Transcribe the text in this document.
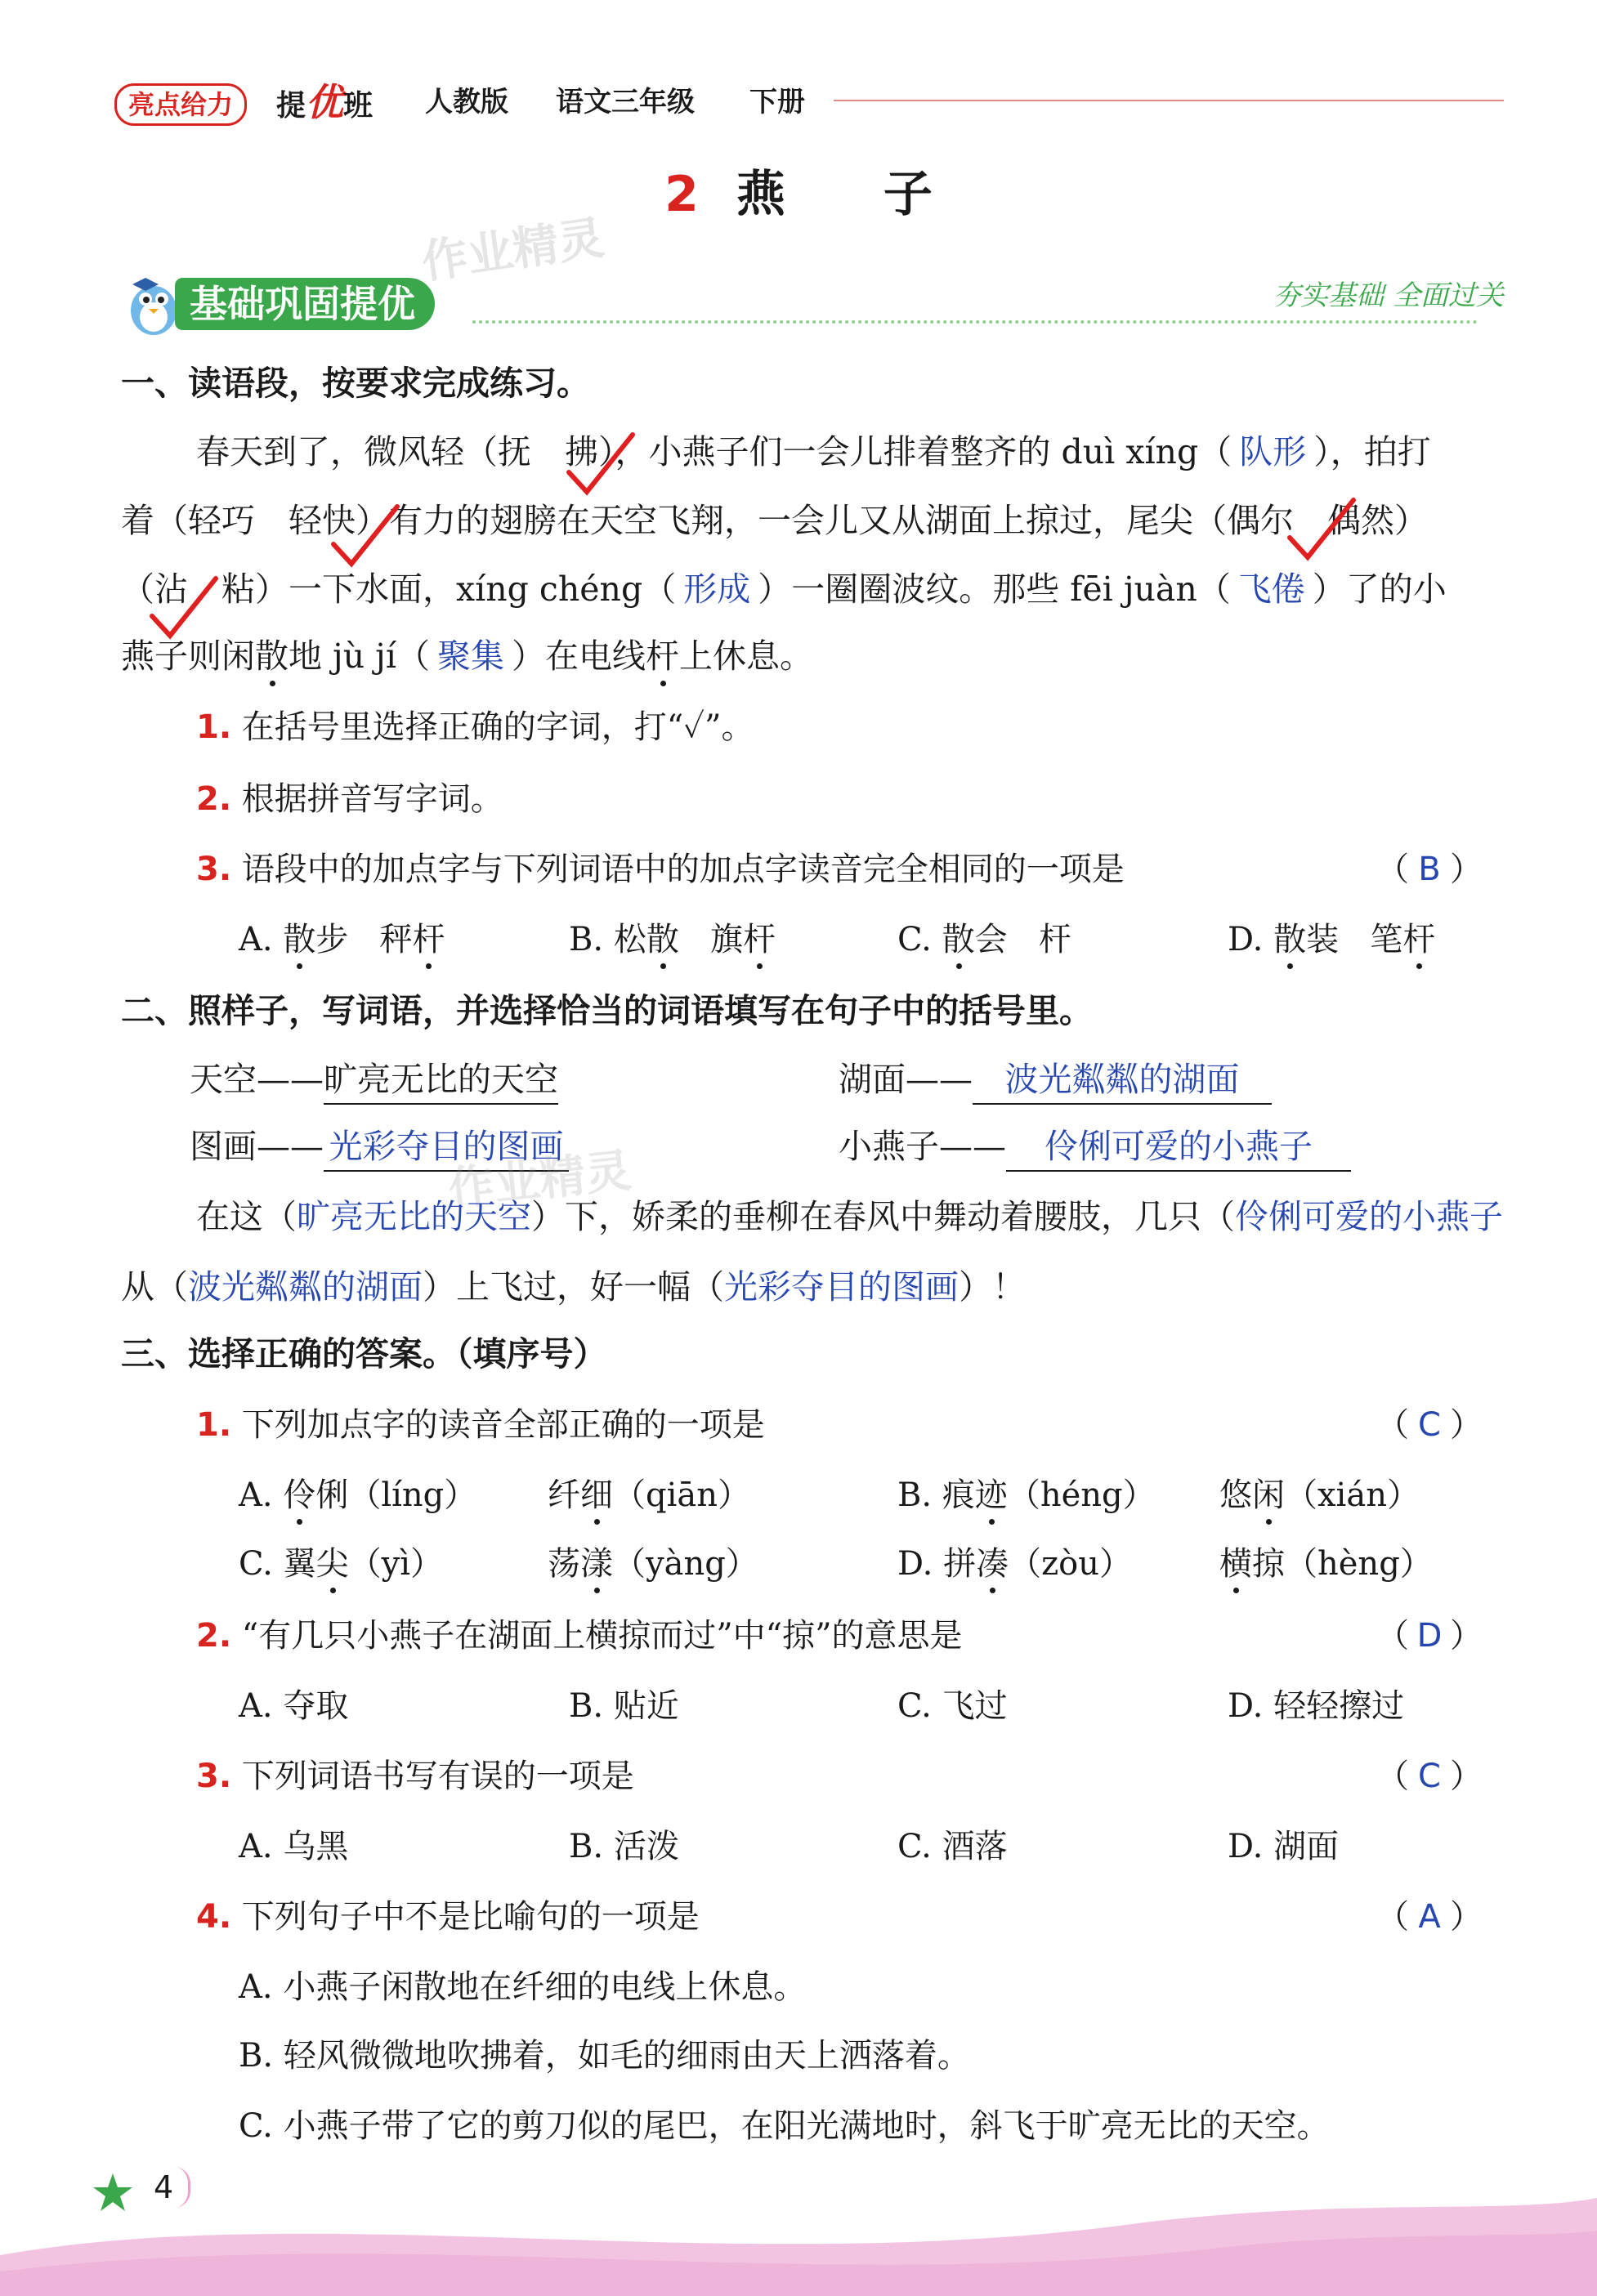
亮点给力	提优班 人教版 语文三年级 下册
2 燕　　子
作业精灵
基础巩固提优	夯实基础 全面过关
一、读语段，按要求完成练习。
春天到了，微风轻（抚　拂），小燕子们一会儿排着整齐的 duì xíng（ 队形 ），拍打
着（轻巧　轻快）有力的翅膀在天空飞翔，一会儿又从湖面上掠过，尾尖（偶尔　偶然）
（沾　粘）一下水面，xíng chéng（ 形成 ）一圈圈波纹。那些 fēi juàn（ 飞倦 ）了的小
燕子则闲散地 jù jí（ 聚集 ）在电线杆上休息。
1. 在括号里选择正确的字词，打“✓”。
2. 根据拼音写字词。
3. 语段中的加点字与下列词语中的加点字读音完全相同的一项是	（ B ）
A. 散步 秤杆	B. 松散 旗杆	C. 散会 杆	D. 散装 笔杆
二、照样子，写词语，并选择恰当的词语填写在句子中的括号里。
天空——旷亮无比的天空	湖面—— 波光粼粼的湖面
图画—— 光彩夺目的图画	小燕子—— 伶俐可爱的小燕子
作业精灵
在这（旷亮无比的天空）下，娇柔的垂柳在春风中舞动着腰肢，几只（伶俐可爱的小燕子
从（波光粼粼的湖面）上飞过，好一幅（光彩夺目的图画）！
三、选择正确的答案。（填序号）
1. 下列加点字的读音全部正确的一项是	（ C ）
A. 伶俐（líng） 纤细（qiān）	B. 痕迹（héng） 悠闲（xián）
C. 翼尖（yì）	荡漾（yàng）	D. 拼凑（zòu）	横掠（hèng）
2. “有几只小燕子在湖面上横掠而过”中“掠”的意思是	（ D ）
A. 夺取	B. 贴近	C. 飞过	D. 轻轻擦过
3. 下列词语书写有误的一项是	（ C ）
A. 乌黑	B. 活泼	C. 酒落	D. 湖面
4. 下列句子中不是比喻句的一项是	（ A ）
A. 小燕子闲散地在纤细的电线上休息。
B. 轻风微微地吹拂着，如毛的细雨由天上洒落着。
C. 小燕子带了它的剪刀似的尾巴，在阳光满地时，斜飞于旷亮无比的天空。
4
